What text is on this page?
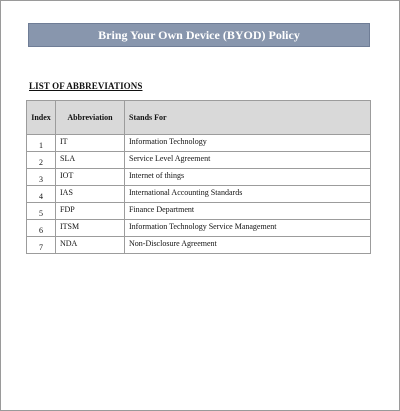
Bring Your Own Device (BYOD) Policy
LIST OF ABBREVIATIONS
Index	Abbreviation	Stands For
1	IT	Information Technology
2	SLA	Service Level Agreement
3	IOT	Internet of things
4	IAS	International Accounting Standards
5	FDP	Finance Department
6	ITSM	Information Technology Service Management
7	NDA	Non-Disclosure Agreement
